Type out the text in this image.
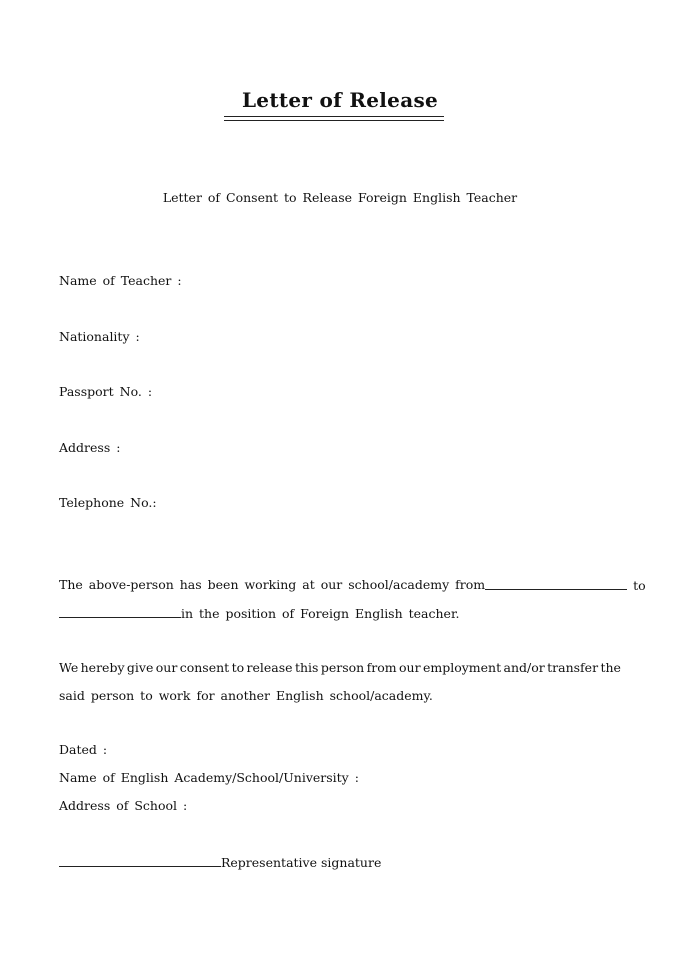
Letter of Release
Letter of Consent to Release Foreign English Teacher
Name of Teacher :
Nationality :
Passport No. :
Address :
Telephone No.:
The above-person has been working at our school/academy from	to
in the position of Foreign English teacher.
We hereby give our consent to release this person from our employment and/or transfer the
said person to work for another English school/academy.
Dated :
Name of English Academy/School/University :
Address of School :
Representative signature
